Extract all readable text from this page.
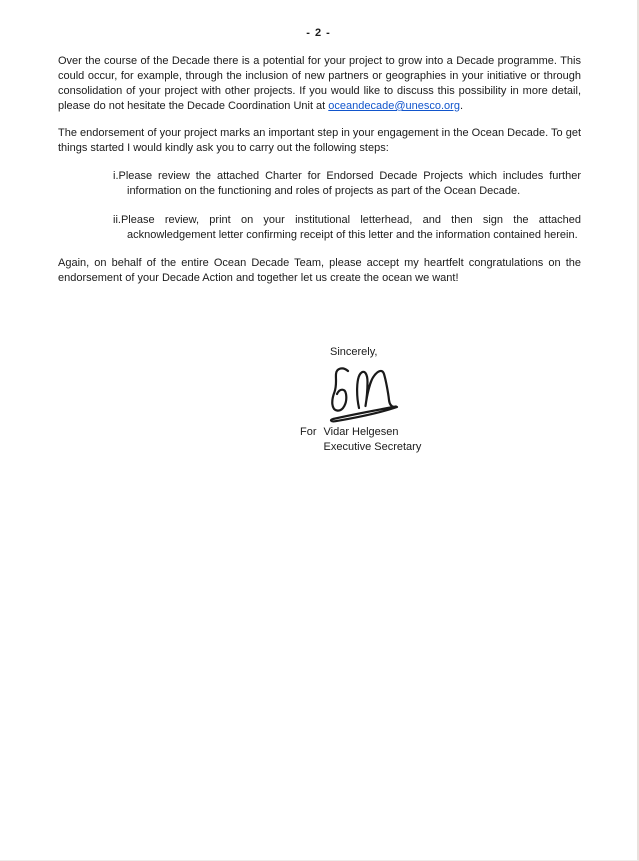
- 2 -

Over the course of the Decade there is a potential for your project to grow into a Decade programme. This could occur, for example, through the inclusion of new partners or geographies in your initiative or through consolidation of your project with other projects. If you would like to discuss this possibility in more detail, please do not hesitate the Decade Coordination Unit at oceandecade@unesco.org.

The endorsement of your project marks an important step in your engagement in the Ocean Decade. To get things started I would kindly ask you to carry out the following steps:

i.Please review the attached Charter for Endorsed Decade Projects which includes further information on the functioning and roles of projects as part of the Ocean Decade.
ii.Please review, print on your institutional letterhead, and then sign the attached acknowledgement letter confirming receipt of this letter and the information contained herein.

Again, on behalf of the entire Ocean Decade Team, please accept my heartfelt congratulations on the endorsement of your Decade Action and together let us create the ocean we want!

Sincerely,
For Vidar Helgesen
Executive Secretary
